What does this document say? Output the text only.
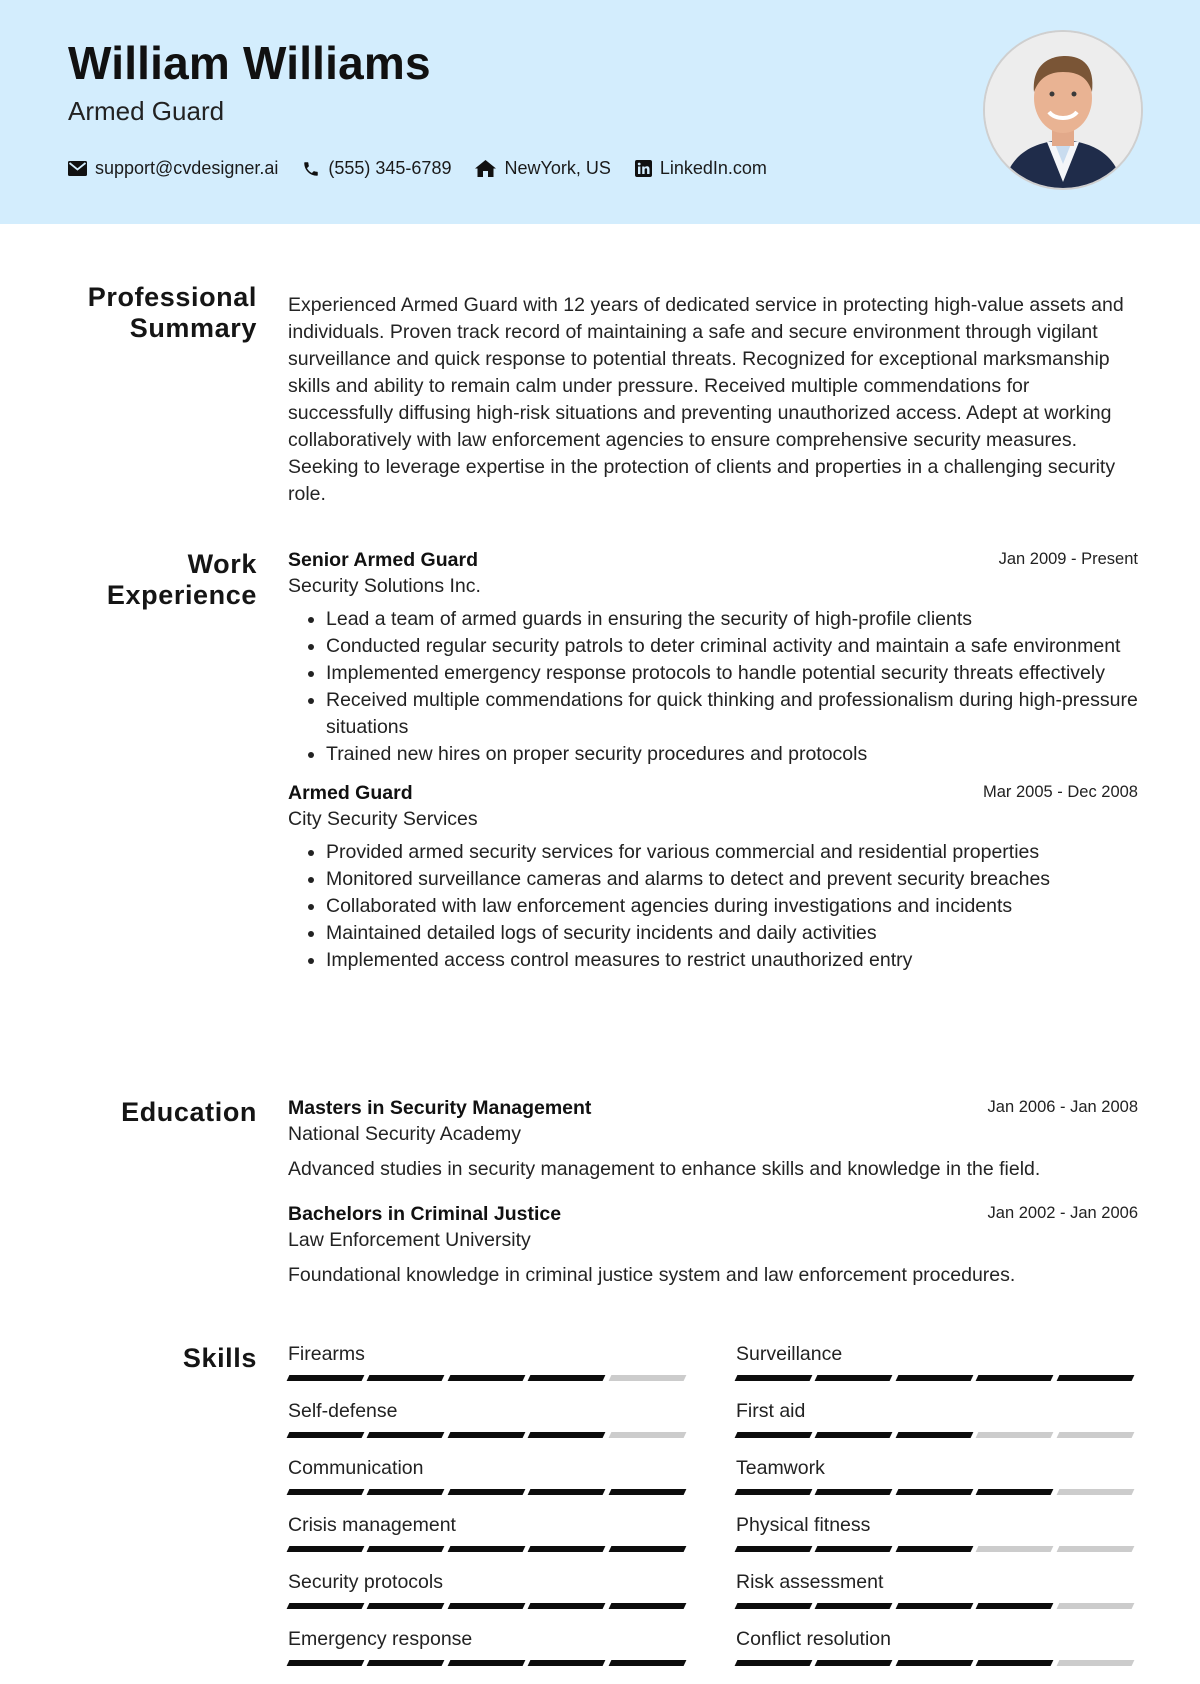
William Williams
Armed Guard
support@cvdesigner.ai	(555) 345-6789	NewYork, US	LinkedIn.com
Professional
Summary

Experienced Armed Guard with 12 years of dedicated service in protecting high-value assets and individuals. Proven track record of maintaining a safe and secure environment through vigilant surveillance and quick response to potential threats. Recognized for exceptional marksmanship skills and ability to remain calm under pressure. Received multiple commendations for successfully diffusing high-risk situations and preventing unauthorized access. Adept at working collaboratively with law enforcement agencies to ensure comprehensive security measures. Seeking to leverage expertise in the protection of clients and properties in a challenging security role.

Work
Experience
Senior Armed Guard	Jan 2009 - Present
Security Solutions Inc.
• Lead a team of armed guards in ensuring the security of high-profile clients
• Conducted regular security patrols to deter criminal activity and maintain a safe environment
• Implemented emergency response protocols to handle potential security threats effectively
• Received multiple commendations for quick thinking and professionalism during high-pressure situations
• Trained new hires on proper security procedures and protocols
Armed Guard	Mar 2005 - Dec 2008
City Security Services
• Provided armed security services for various commercial and residential properties
• Monitored surveillance cameras and alarms to detect and prevent security breaches
• Collaborated with law enforcement agencies during investigations and incidents
• Maintained detailed logs of security incidents and daily activities
• Implemented access control measures to restrict unauthorized entry
Education Masters in Security Management	Jan 2006 - Jan 2008
National Security Academy
Advanced studies in security management to enhance skills and knowledge in the field.
Bachelors in Criminal Justice	Jan 2002 - Jan 2006
Law Enforcement University
Foundational knowledge in criminal justice system and law enforcement procedures.
Skills Firearms	Surveillance
Self-defense	First aid
Communication	Teamwork
Crisis management	Physical fitness
Security protocols	Risk assessment
Emergency response	Conflict resolution
